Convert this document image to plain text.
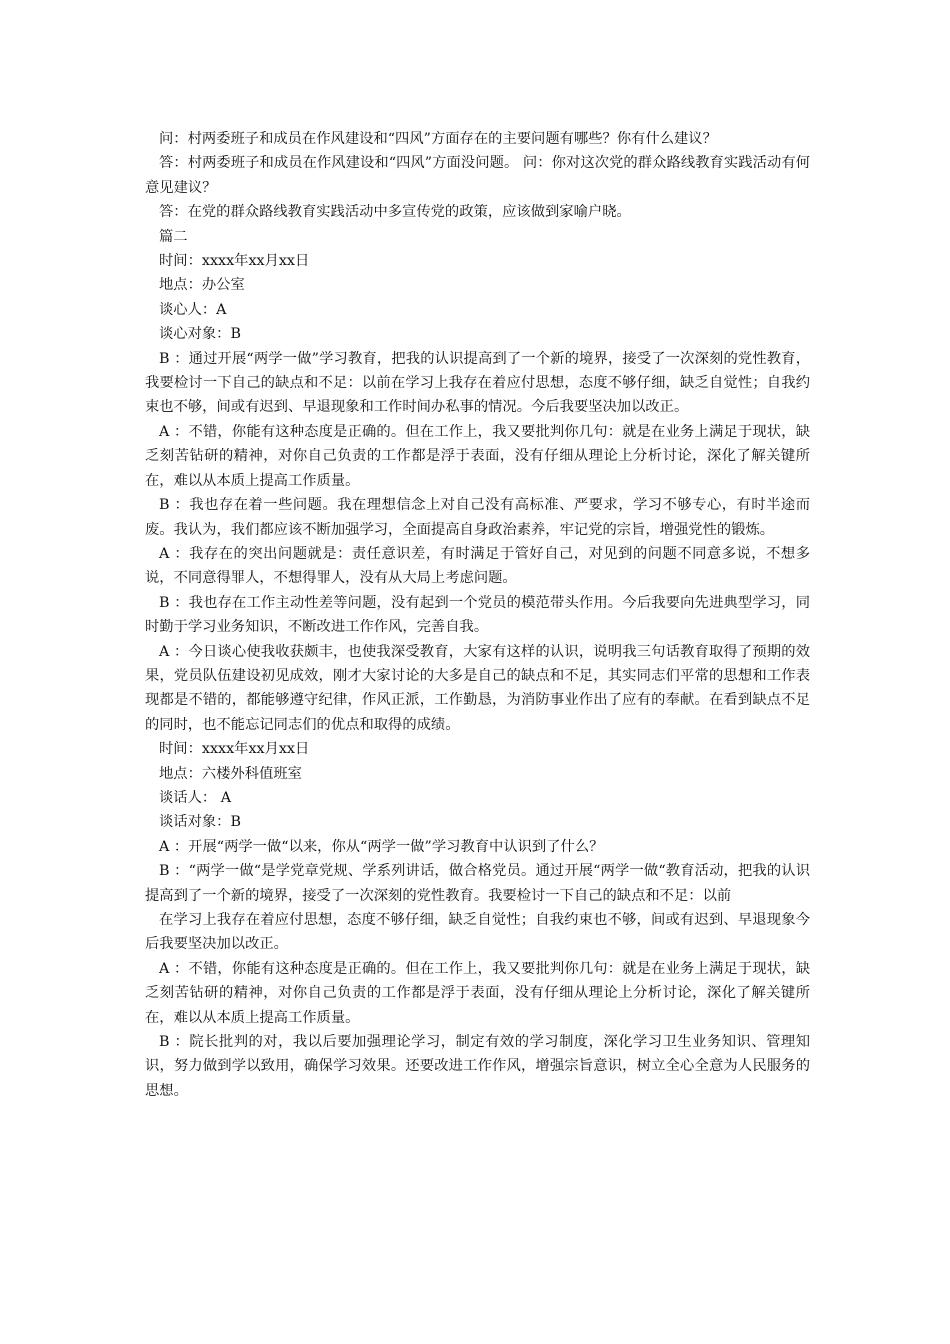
问：村两委班子和成员在作风建设和“四风”方面存在的主要问题有哪些？你有什么建议？

答：村两委班子和成员在作风建设和“四风”方面没问题。 问：你对这次党的群众路线教育实践活动有何意见建议？

答：在党的群众路线教育实践活动中多宣传党的政策，应该做到家喻户晓。

篇二

时间：xxxx年xx月xx日

地点：办公室

谈心人：A

谈心对象：B

B ：通过开展“两学一做”学习教育，把我的认识提高到了一个新的境界，接受了一次深刻的党性教育，我要检讨一下自己的缺点和不足：以前在学习上我存在着应付思想，态度不够仔细，缺乏自觉性；自我约束也不够，间或有迟到、早退现象和工作时间办私事的情况。今后我要坚决加以改正。

A ：不错，你能有这种态度是正确的。但在工作上，我又要批判你几句：就是在业务上满足于现状，缺乏刻苦钻研的精神，对你自己负责的工作都是浮于表面，没有仔细从理论上分析讨论，深化了解关键所在，难以从本质上提高工作质量。

B ：我也存在着一些问题。我在理想信念上对自己没有高标准、严要求，学习不够专心，有时半途而废。我认为，我们都应该不断加强学习，全面提高自身政治素养，牢记党的宗旨，增强党性的锻炼。

A ：我存在的突出问题就是：责任意识差，有时满足于管好自己，对见到的问题不同意多说，不想多说，不同意得罪人，不想得罪人，没有从大局上考虑问题。

B ：我也存在工作主动性差等问题，没有起到一个党员的模范带头作用。今后我要向先进典型学习，同时勤于学习业务知识，不断改进工作作风，完善自我。

A ：今日谈心使我收获颇丰，也使我深受教育，大家有这样的认识，说明我三句话教育取得了预期的效果，党员队伍建设初见成效，刚才大家讨论的大多是自己的缺点和不足，其实同志们平常的思想和工作表现都是不错的，都能够遵守纪律，作风正派，工作勤恳，为消防事业作出了应有的奉献。在看到缺点不足的同时，也不能忘记同志们的优点和取得的成绩。

时间：xxxx年xx月xx日

地点：六楼外科值班室

谈话人： A

谈话对象：B

A ：开展“两学一做“以来，你从“两学一做”学习教育中认识到了什么？

B ：“两学一做“是学党章党规、学系列讲话，做合格党员。通过开展“两学一做“教育活动，把我的认识提高到了一个新的境界，接受了一次深刻的党性教育。我要检讨一下自己的缺点和不足：以前

在学习上我存在着应付思想，态度不够仔细，缺乏自觉性；自我约束也不够，间或有迟到、早退现象今后我要坚决加以改正。

A ：不错，你能有这种态度是正确的。但在工作上，我又要批判你几句：就是在业务上满足于现状，缺乏刻苦钻研的精神，对你自己负责的工作都是浮于表面，没有仔细从理论上分析讨论，深化了解关键所在，难以从本质上提高工作质量。

B ：院长批判的对，我以后要加强理论学习，制定有效的学习制度，深化学习卫生业务知识、管理知识，努力做到学以致用，确保学习效果。还要改进工作作风，增强宗旨意识，树立全心全意为人民服务的思想。
